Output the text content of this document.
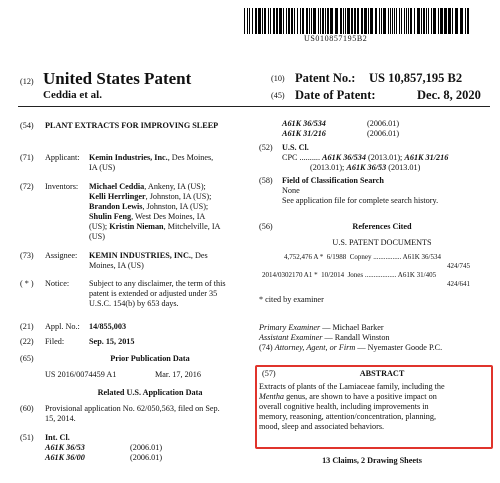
US010857195B2
(12) United States Patent
Ceddia et al.
(10) Patent No.: US 10,857,195 B2
(45) Date of Patent:	Dec. 8, 2020
(54) PLANT EXTRACTS FOR IMPROVING SLEEP
(71) Applicant: Kemin Industries, Inc., Des Moines,
IA (US)
(72) Inventors: Michael Ceddia, Ankeny, IA (US);
Kelli Herrlinger, Johnston, IA (US);
Brandon Lewis, Johnston, IA (US);
Shulin Feng, West Des Moines, IA
(US); Kristin Nieman, Mitchelville, IA
(US)
(73) Assignee: KEMIN INDUSTRIES, INC., Des
Moines, IA (US)
( * ) Notice: Subject to any disclaimer, the term of this
patent is extended or adjusted under 35
U.S.C. 154(b) by 653 days.
(21) Appl. No.: 14/855,003
(22) Filed:	Sep. 15, 2015
(65)	Prior Publication Data
US 2016/0074459 A1	Mar. 17, 2016
Related U.S. Application Data
(60) Provisional application No. 62/050,563, filed on Sep.
15, 2014.
(51) Int. Cl.
A61K 36/53	(2006.01)
A61K 36/00	(2006.01)
A61K 36/534	(2006.01)
A61K 31/216	(2006.01)
(52) U.S. Cl.
CPC .......... A61K 36/534 (2013.01); A61K 31/216
(2013.01); A61K 36/53 (2013.01)
(58) Field of Classification Search
None
See application file for complete search history.
(56)	References Cited
U.S. PATENT DOCUMENTS
4,752,476 A * 6/1988 Copney ................ A61K 36/534
424/745
2014/0302170 A1 * 10/2014 Jones .................. A61K 31/405
424/641
* cited by examiner
Primary Examiner — Michael Barker
Assistant Examiner — Randall Winston
(74) Attorney, Agent, or Firm — Nyemaster Goode P.C.
(57)	ABSTRACT
Extracts of plants of the Lamiaceae family, including the
Mentha genus, are shown to have a positive impact on
overall cognitive health, including improvements in
memory, reasoning, attention/concentration, planning,
mood, sleep and associated behaviors.
13 Claims, 2 Drawing Sheets
